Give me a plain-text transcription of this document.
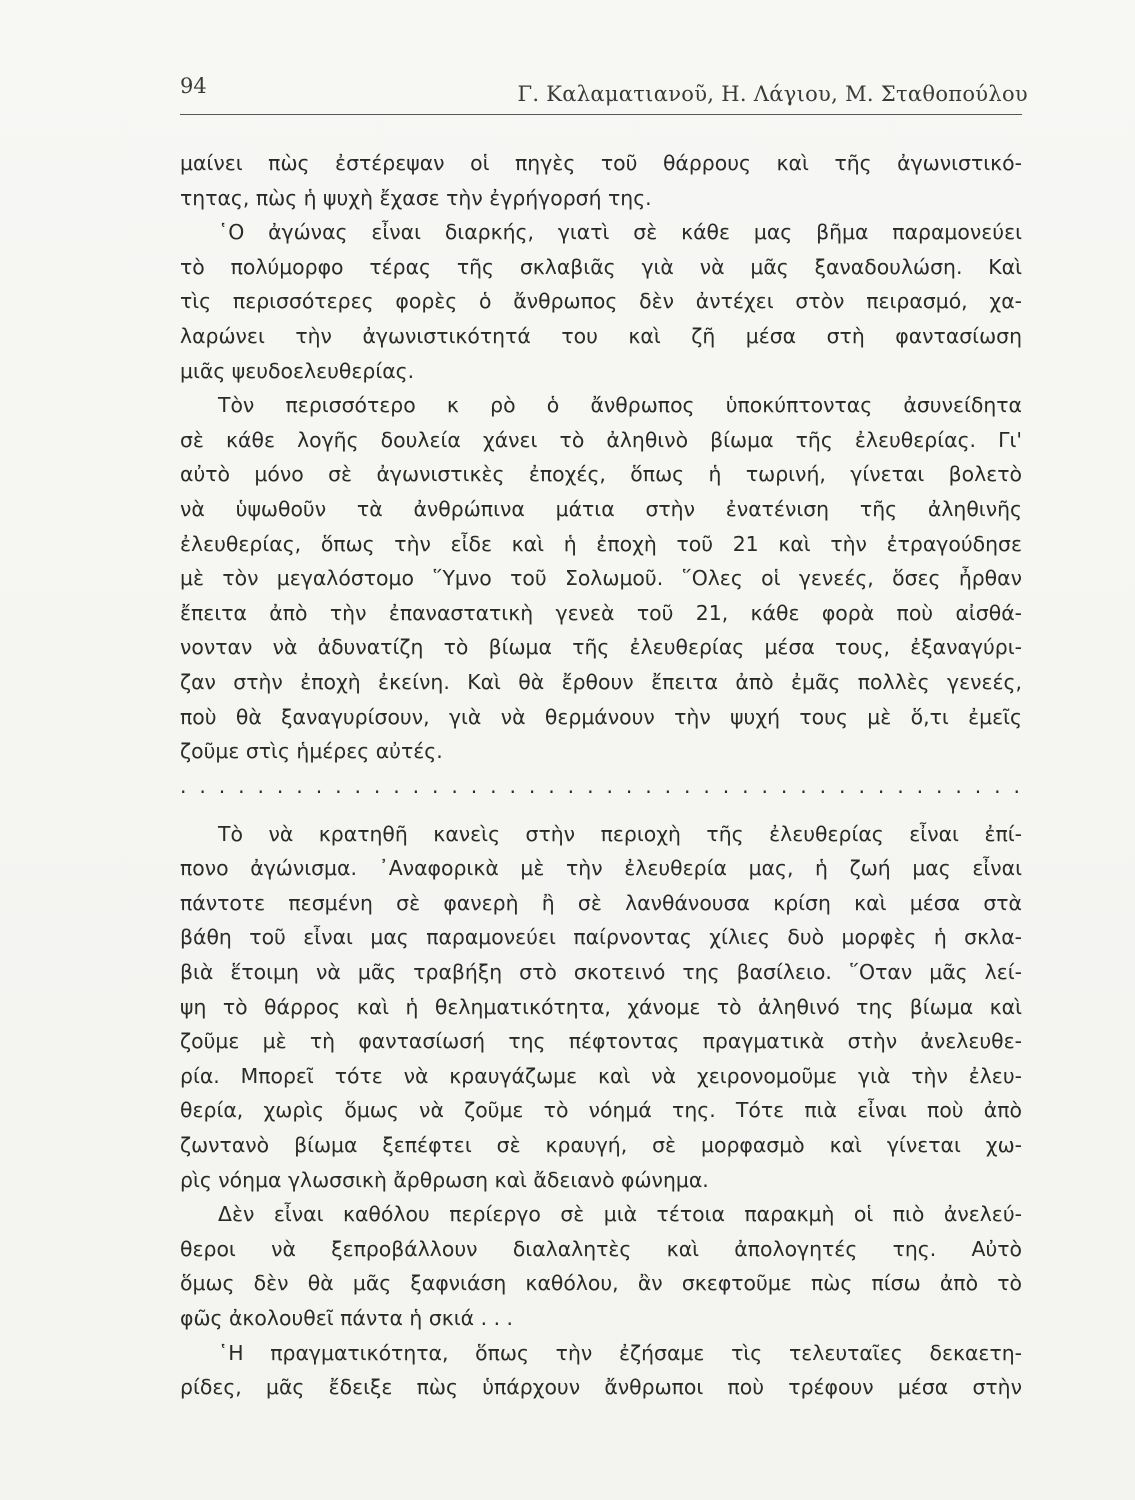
94	Γ. Καλαματιανοῦ, Η. Λάγιου, Μ. Σταθοπούλου
μαίνει πὼς ἐστέρεψαν οἱ πηγὲς τοῦ θάρρους καὶ τῆς ἀγωνιστικό-
τητας, πὼς ἡ ψυχὴ ἔχασε τὴν ἐγρήγορσή της.
῾Ο ἀγώνας εἶναι διαρκής, γιατὶ σὲ κάθε μας βῆμα παραμονεύει
τὸ πολύμορφο τέρας τῆς σκλαβιᾶς γιὰ νὰ μᾶς ξαναδουλώση. Καὶ
τὶς περισσότερες φορὲς ὁ ἄνθρωπος δὲν ἀντέχει στὸν πειρασμό, χα-
λαρώνει τὴν ἀγωνιστικότητά του καὶ ζῆ μέσα στὴ φαντασίωση
μιᾶς ψευδοελευθερίας.
Τὸν περισσότερο κ ρὸ ὁ ἄνθρωπος ὑποκύπτοντας ἀσυνείδητα
σὲ κάθε λογῆς δουλεία χάνει τὸ ἀληθινὸ βίωμα τῆς ἐλευθερίας. Γι'
αὐτὸ μόνο σὲ ἀγωνιστικὲς ἐποχές, ὅπως ἡ τωρινή, γίνεται βολετὸ
νὰ ὑψωθοῦν τὰ ἀνθρώπινα μάτια στὴν ἐνατένιση τῆς ἀληθινῆς
ἐλευθερίας, ὅπως τὴν εἶδε καὶ ἡ ἐποχὴ τοῦ 21 καὶ τὴν ἐτραγούδησε
μὲ τὸν μεγαλόστομο ῞Υμνο τοῦ Σολωμοῦ. ῞Ολες οἱ γενεές, ὅσες ἦρθαν
ἔπειτα ἀπὸ τὴν ἐπαναστατικὴ γενεὰ τοῦ 21, κάθε φορὰ ποὺ αἰσθά-
νονταν νὰ ἀδυνατίζη τὸ βίωμα τῆς ἐλευθερίας μέσα τους, ἐξαναγύρι-
ζαν στὴν ἐποχὴ ἐκείνη. Καὶ θὰ ἔρθουν ἔπειτα ἀπὸ ἐμᾶς πολλὲς γενεές,
ποὺ θὰ ξαναγυρίσουν, γιὰ νὰ θερμάνουν τὴν ψυχή τους μὲ ὅ,τι ἐμεῖς
ζοῦμε στὶς ἡμέρες αὐτές.
. . . . . . . . . . . . . . . . . . . . . . . . . . . . . . . . . . . . . . . . . . . .
Τὸ νὰ κρατηθῆ κανεὶς στὴν περιοχὴ τῆς ἐλευθερίας εἶναι ἐπί-
πονο ἀγώνισμα. ᾿Αναφορικὰ μὲ τὴν ἐλευθερία μας, ἡ ζωή μας εἶναι
πάντοτε πεσμένη σὲ φανερὴ ἢ σὲ λανθάνουσα κρίση καὶ μέσα στὰ
βάθη τοῦ εἶναι μας παραμονεύει παίρνοντας χίλιες δυὸ μορφὲς ἡ σκλα-
βιὰ ἕτοιμη νὰ μᾶς τραβήξη στὸ σκοτεινό της βασίλειο. ῞Οταν μᾶς λεί-
ψη τὸ θάρρος καὶ ἡ θεληματικότητα, χάνομε τὸ ἀληθινό της βίωμα καὶ
ζοῦμε μὲ τὴ φαντασίωσή της πέφτοντας πραγματικὰ στὴν ἀνελευθε-
ρία. Μπορεῖ τότε νὰ κραυγάζωμε καὶ νὰ χειρονομοῦμε γιὰ τὴν ἐλευ-
θερία, χωρὶς ὅμως νὰ ζοῦμε τὸ νόημά της. Τότε πιὰ εἶναι ποὺ ἀπὸ
ζωντανὸ βίωμα ξεπέφτει σὲ κραυγή, σὲ μορφασμὸ καὶ γίνεται χω-
ρὶς νόημα γλωσσικὴ ἄρθρωση καὶ ἄδειανὸ φώνημα.
Δὲν εἶναι καθόλου περίεργο σὲ μιὰ τέτοια παρακμὴ οἱ πιὸ ἀνελεύ-
θεροι νὰ ξεπροβάλλουν διαλαλητὲς καὶ ἀπολογητές της. Αὐτὸ
ὅμως δὲν θὰ μᾶς ξαφνιάση καθόλου, ἂν σκεφτοῦμε πὼς πίσω ἀπὸ τὸ
φῶς ἀκολουθεῖ πάντα ἡ σκιά . . .
῾Η πραγματικότητα, ὅπως τὴν ἐζήσαμε τὶς τελευταῖες δεκαετη-
ρίδες, μᾶς ἔδειξε πὼς ὑπάρχουν ἄνθρωποι ποὺ τρέφουν μέσα στὴν
